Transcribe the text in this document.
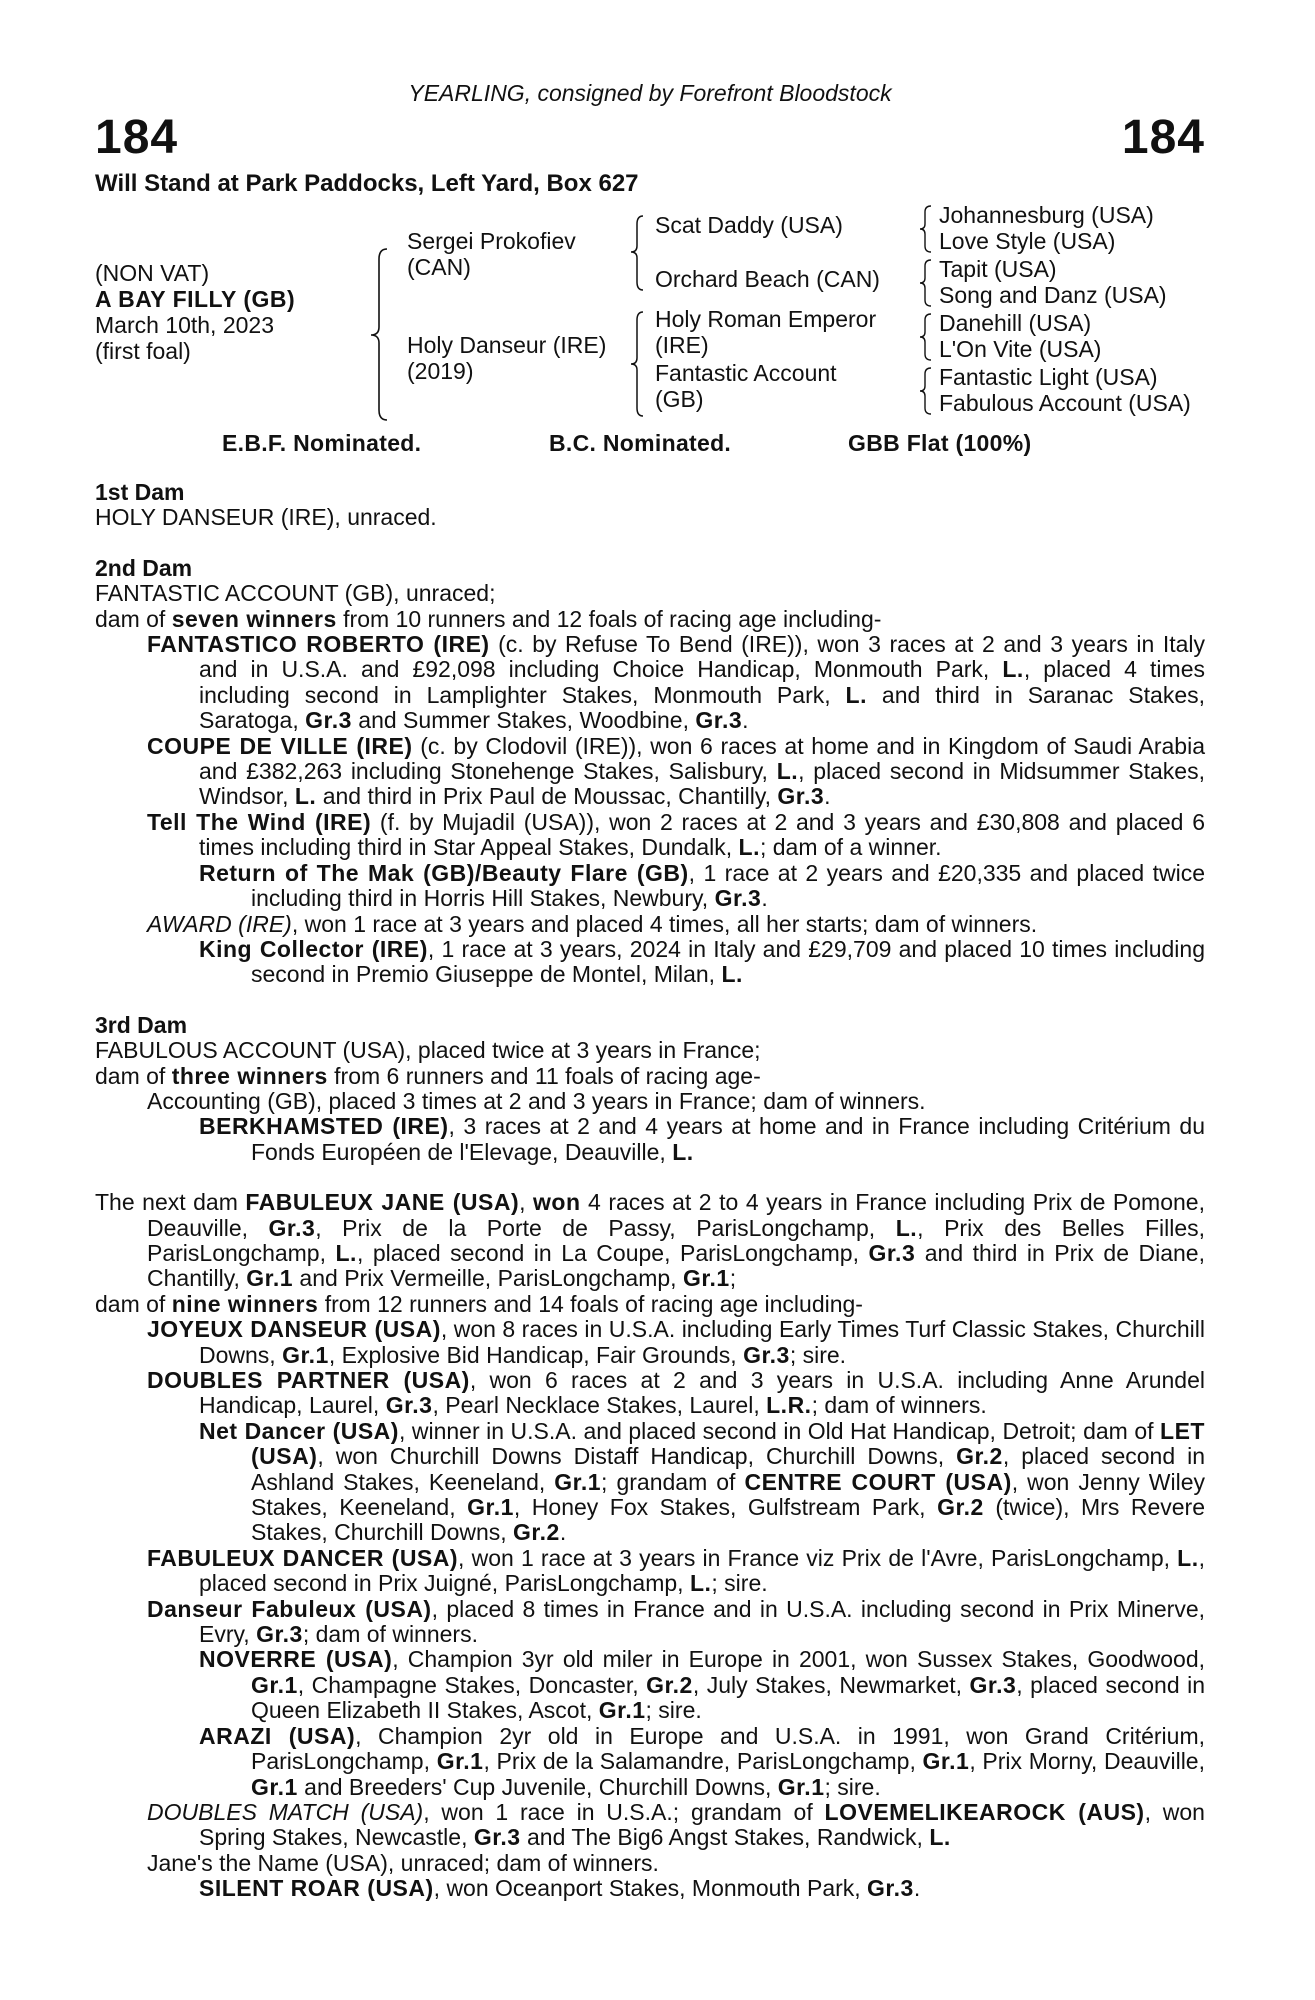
YEARLING, consigned by Forefront Bloodstock
184	184
Will Stand at Park Paddocks, Left Yard, Box 627
(NON VAT)
A BAY FILLY (GB)
March 10th, 2023
(first foal)
Sergei Prokofiev
(CAN)
Holy Danseur (IRE)
(2019)
Scat Daddy (USA)
Orchard Beach (CAN)
Holy Roman Emperor
(IRE)
Fantastic Account
(GB)
Johannesburg (USA)
Love Style (USA)
Tapit (USA)
Song and Danz (USA)
Danehill (USA)
L'On Vite (USA)
Fantastic Light (USA)
Fabulous Account (USA)
E.B.F. Nominated.	B.C. Nominated.	GBB Flat (100%)

1st Dam

HOLY DANSEUR (IRE), unraced.

2nd Dam

FANTASTIC ACCOUNT (GB), unraced;

dam of seven winners from 10 runners and 12 foals of racing age including-

FANTASTICO ROBERTO (IRE) (c. by Refuse To Bend (IRE)), won 3 races at 2 and 3 years in Italy and in U.S.A. and £92,098 including Choice Handicap, Monmouth Park, L., placed 4 times including second in Lamplighter Stakes, Monmouth Park, L. and third in Saranac Stakes, Saratoga, Gr.3 and Summer Stakes, Woodbine, Gr.3.

COUPE DE VILLE (IRE) (c. by Clodovil (IRE)), won 6 races at home and in Kingdom of Saudi Arabia and £382,263 including Stonehenge Stakes, Salisbury, L., placed second in Midsummer Stakes, Windsor, L. and third in Prix Paul de Moussac, Chantilly, Gr.3.

Tell The Wind (IRE) (f. by Mujadil (USA)), won 2 races at 2 and 3 years and £30,808 and placed 6 times including third in Star Appeal Stakes, Dundalk, L.; dam of a winner.

Return of The Mak (GB)/Beauty Flare (GB), 1 race at 2 years and £20,335 and placed twice including third in Horris Hill Stakes, Newbury, Gr.3.

AWARD (IRE), won 1 race at 3 years and placed 4 times, all her starts; dam of winners.

King Collector (IRE), 1 race at 3 years, 2024 in Italy and £29,709 and placed 10 times including second in Premio Giuseppe de Montel, Milan, L.

3rd Dam

FABULOUS ACCOUNT (USA), placed twice at 3 years in France;

dam of three winners from 6 runners and 11 foals of racing age-

Accounting (GB), placed 3 times at 2 and 3 years in France; dam of winners.

BERKHAMSTED (IRE), 3 races at 2 and 4 years at home and in France including Critérium du Fonds Européen de l'Elevage, Deauville, L.

The next dam FABULEUX JANE (USA), won 4 races at 2 to 4 years in France including Prix de Pomone, Deauville, Gr.3, Prix de la Porte de Passy, ParisLongchamp, L., Prix des Belles Filles, ParisLongchamp, L., placed second in La Coupe, ParisLongchamp, Gr.3 and third in Prix de Diane, Chantilly, Gr.1 and Prix Vermeille, ParisLongchamp, Gr.1;

dam of nine winners from 12 runners and 14 foals of racing age including-

JOYEUX DANSEUR (USA), won 8 races in U.S.A. including Early Times Turf Classic Stakes, Churchill Downs, Gr.1, Explosive Bid Handicap, Fair Grounds, Gr.3; sire.

DOUBLES PARTNER (USA), won 6 races at 2 and 3 years in U.S.A. including Anne Arundel Handicap, Laurel, Gr.3, Pearl Necklace Stakes, Laurel, L.R.; dam of winners.

Net Dancer (USA), winner in U.S.A. and placed second in Old Hat Handicap, Detroit; dam of LET (USA), won Churchill Downs Distaff Handicap, Churchill Downs, Gr.2, placed second in Ashland Stakes, Keeneland, Gr.1; grandam of CENTRE COURT (USA), won Jenny Wiley Stakes, Keeneland, Gr.1, Honey Fox Stakes, Gulfstream Park, Gr.2 (twice), Mrs Revere Stakes, Churchill Downs, Gr.2.

FABULEUX DANCER (USA), won 1 race at 3 years in France viz Prix de l'Avre, ParisLongchamp, L., placed second in Prix Juigné, ParisLongchamp, L.; sire.

Danseur Fabuleux (USA), placed 8 times in France and in U.S.A. including second in Prix Minerve, Evry, Gr.3; dam of winners.

NOVERRE (USA), Champion 3yr old miler in Europe in 2001, won Sussex Stakes, Goodwood, Gr.1, Champagne Stakes, Doncaster, Gr.2, July Stakes, Newmarket, Gr.3, placed second in Queen Elizabeth II Stakes, Ascot, Gr.1; sire.

ARAZI (USA), Champion 2yr old in Europe and U.S.A. in 1991, won Grand Critérium, ParisLongchamp, Gr.1, Prix de la Salamandre, ParisLongchamp, Gr.1, Prix Morny, Deauville, Gr.1 and Breeders' Cup Juvenile, Churchill Downs, Gr.1; sire.

DOUBLES MATCH (USA), won 1 race in U.S.A.; grandam of LOVEMELIKEAROCK (AUS), won Spring Stakes, Newcastle, Gr.3 and The Big6 Angst Stakes, Randwick, L.

Jane's the Name (USA), unraced; dam of winners.

SILENT ROAR (USA), won Oceanport Stakes, Monmouth Park, Gr.3.
